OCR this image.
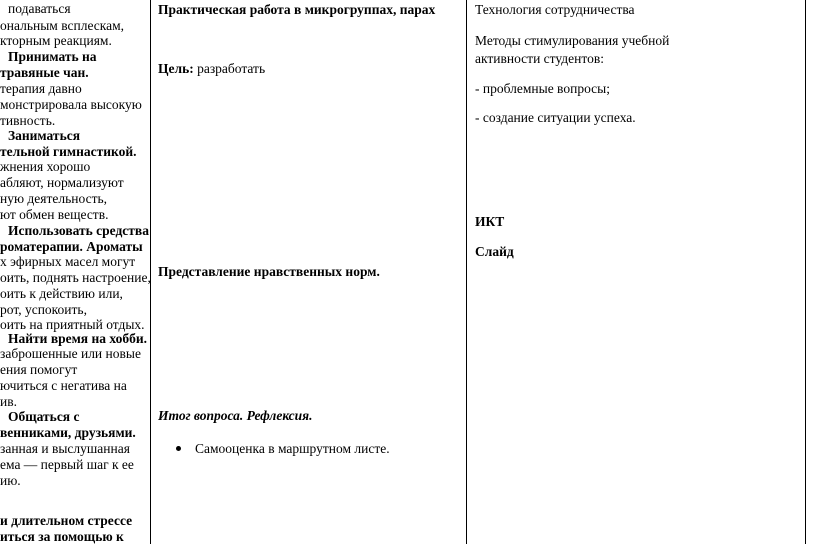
подаваться
ональным всплескам,
кторным реакциям.
Принимать на
травяные чан.
терапия давно
монстрировала высокую
тивность.
Заниматься
тельной гимнастикой.
жнения хорошо
абляют, нормализуют
ную деятельность,
ют обмен веществ.
Использовать средства
роматерапии. Ароматы
х эфирных масел могут
оить, поднять настроение,
оить к действию или,
рот, успокоить,
оить на приятный отдых.
Найти время на хобби.
заброшенные или новые
ения помогут
ючиться с негатива на
ив.
Общаться с
венниками, друзьями.
занная и выслушанная
ема — первый шаг к ее
ию.
и длительном стрессе
иться за помощью к
Практическая работа в микрогруппах, парах
Цель: разработать
Представление нравственных норм.
Итог вопроса. Рефлексия.
Самооценка в маршрутном листе.
Технология сотрудничества
Методы стимулирования учебной
активности студентов:
- проблемные вопросы;
- создание ситуации успеха.
ИКТ
Слайд
